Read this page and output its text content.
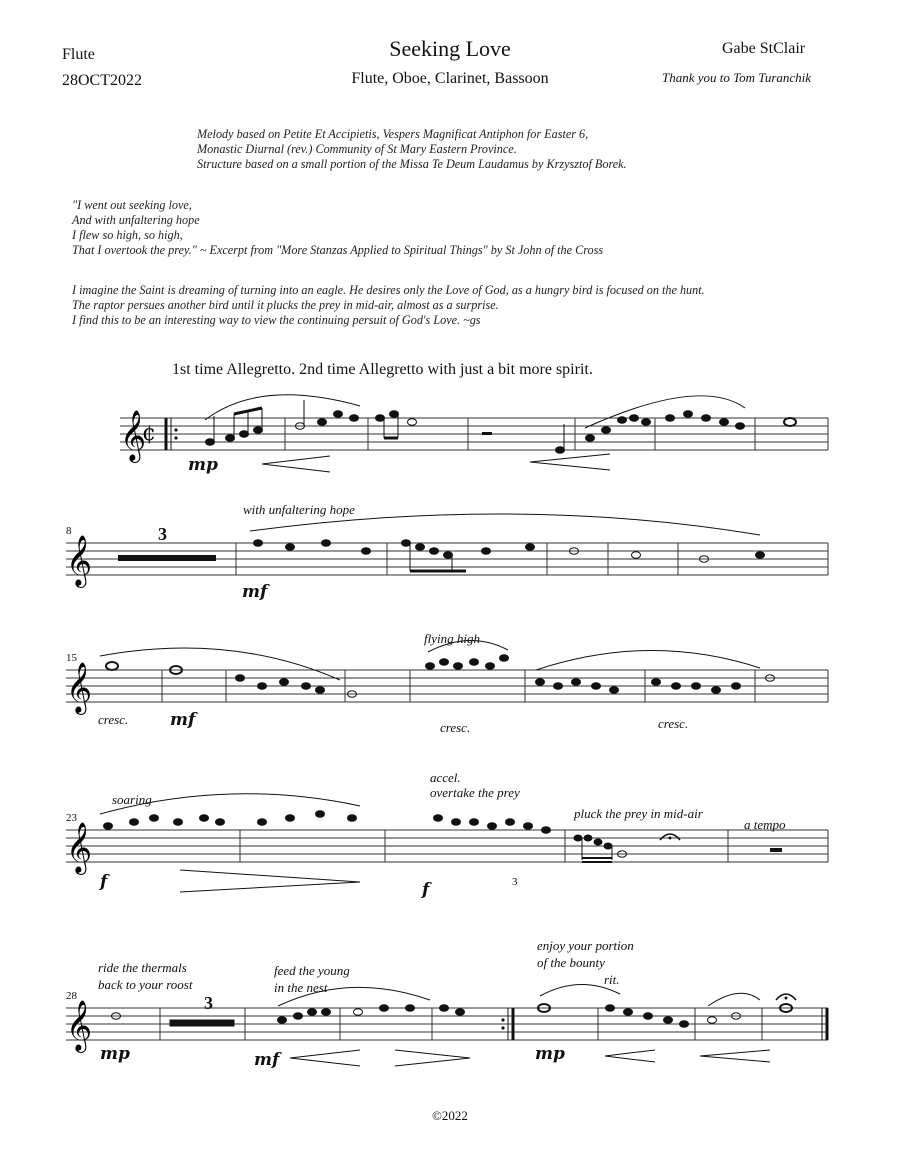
Flute
28OCT2022
Seeking Love
Flute, Oboe, Clarinet, Bassoon
Gabe StClair
Thank you to Tom Turanchik
Melody based on Petite Et Accipietis, Vespers Magnificat Antiphon for Easter 6,
Monastic Diurnal (rev.) Community of St Mary Eastern Province.
Structure based on a small portion of the Missa Te Deum Laudamus by Krzysztof Borek.
"I went out seeking love,
And with unfaltering hope
I flew so high, so high,
That I overtook the prey." ~ Excerpt from "More Stanzas Applied to Spiritual Things" by St John of the Cross
I imagine the Saint is dreaming of turning into an eagle. He desires only the Love of God, as a hungry bird is focused on the hunt.
The raptor persues another bird until it plucks the prey in mid-air, almost as a surprise.
I find this to be an interesting way to view the continuing persuit of God's Love. ~gs
1st time Allegretto. 2nd time Allegretto with just a bit more spirit.
𝄞
¢
mp
𝄞
8	3
with unfaltering hope
mf
𝄞
15
flying high
cresc. mf	cresc.	cresc.
𝄞
23
soaring
accel.
overtake the prey
pluck the prey in mid-air
a tempo
3
f	f
𝄞
28	3
ride the thermals
back to your roost
feed the young
in the nest
enjoy your portion
of the bounty
rit.
mp	mf	mp
©2022
